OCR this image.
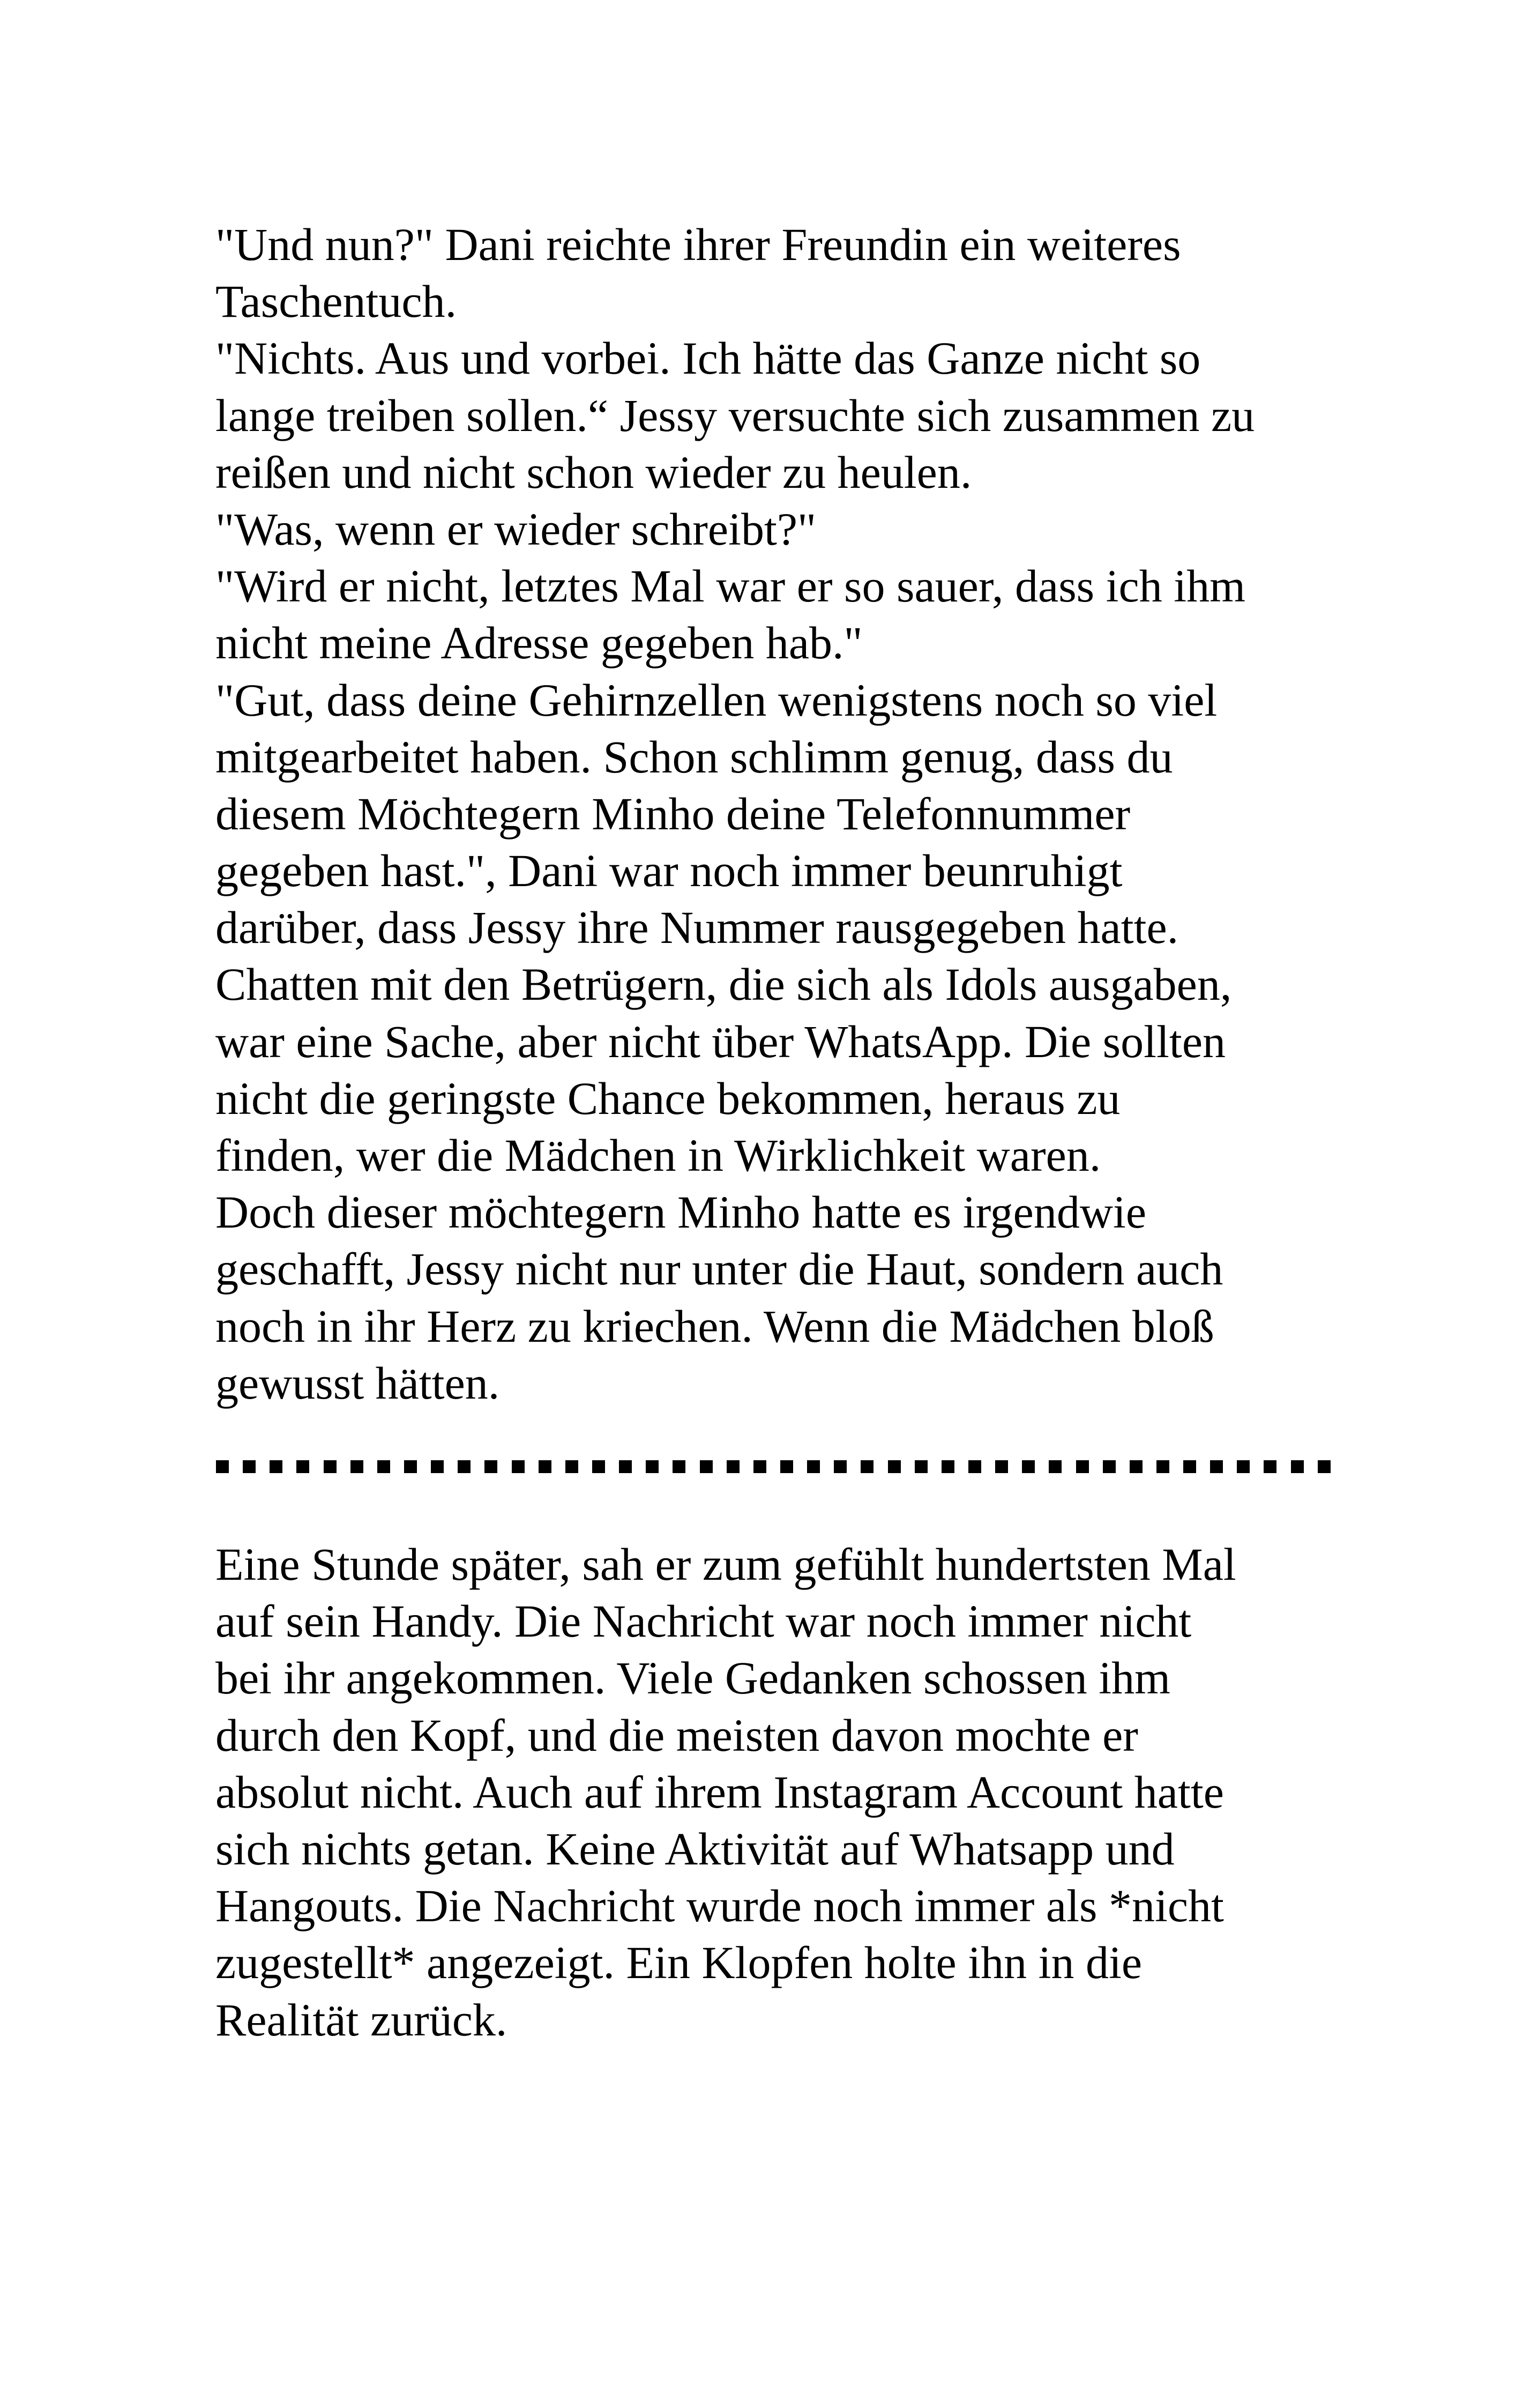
"Und nun?" Dani reichte ihrer Freundin ein weiteres
Taschentuch.
"Nichts. Aus und vorbei. Ich hätte das Ganze nicht so
lange treiben sollen.“ Jessy versuchte sich zusammen zu
reißen und nicht schon wieder zu heulen.
"Was, wenn er wieder schreibt?"
"Wird er nicht, letztes Mal war er so sauer, dass ich ihm
nicht meine Adresse gegeben hab."
"Gut, dass deine Gehirnzellen wenigstens noch so viel
mitgearbeitet haben. Schon schlimm genug, dass du
diesem Möchtegern Minho deine Telefonnummer
gegeben hast.", Dani war noch immer beunruhigt
darüber, dass Jessy ihre Nummer rausgegeben hatte.
Chatten mit den Betrügern, die sich als Idols ausgaben,
war eine Sache, aber nicht über WhatsApp. Die sollten
nicht die geringste Chance bekommen, heraus zu
finden, wer die Mädchen in Wirklichkeit waren.
Doch dieser möchtegern Minho hatte es irgendwie
geschafft, Jessy nicht nur unter die Haut, sondern auch
noch in ihr Herz zu kriechen. Wenn die Mädchen bloß
gewusst hätten.
Eine Stunde später, sah er zum gefühlt hundertsten Mal
auf sein Handy. Die Nachricht war noch immer nicht
bei ihr angekommen. Viele Gedanken schossen ihm
durch den Kopf, und die meisten davon mochte er
absolut nicht. Auch auf ihrem Instagram Account hatte
sich nichts getan. Keine Aktivität auf Whatsapp und
Hangouts. Die Nachricht wurde noch immer als *nicht
zugestellt* angezeigt. Ein Klopfen holte ihn in die
Realität zurück.
